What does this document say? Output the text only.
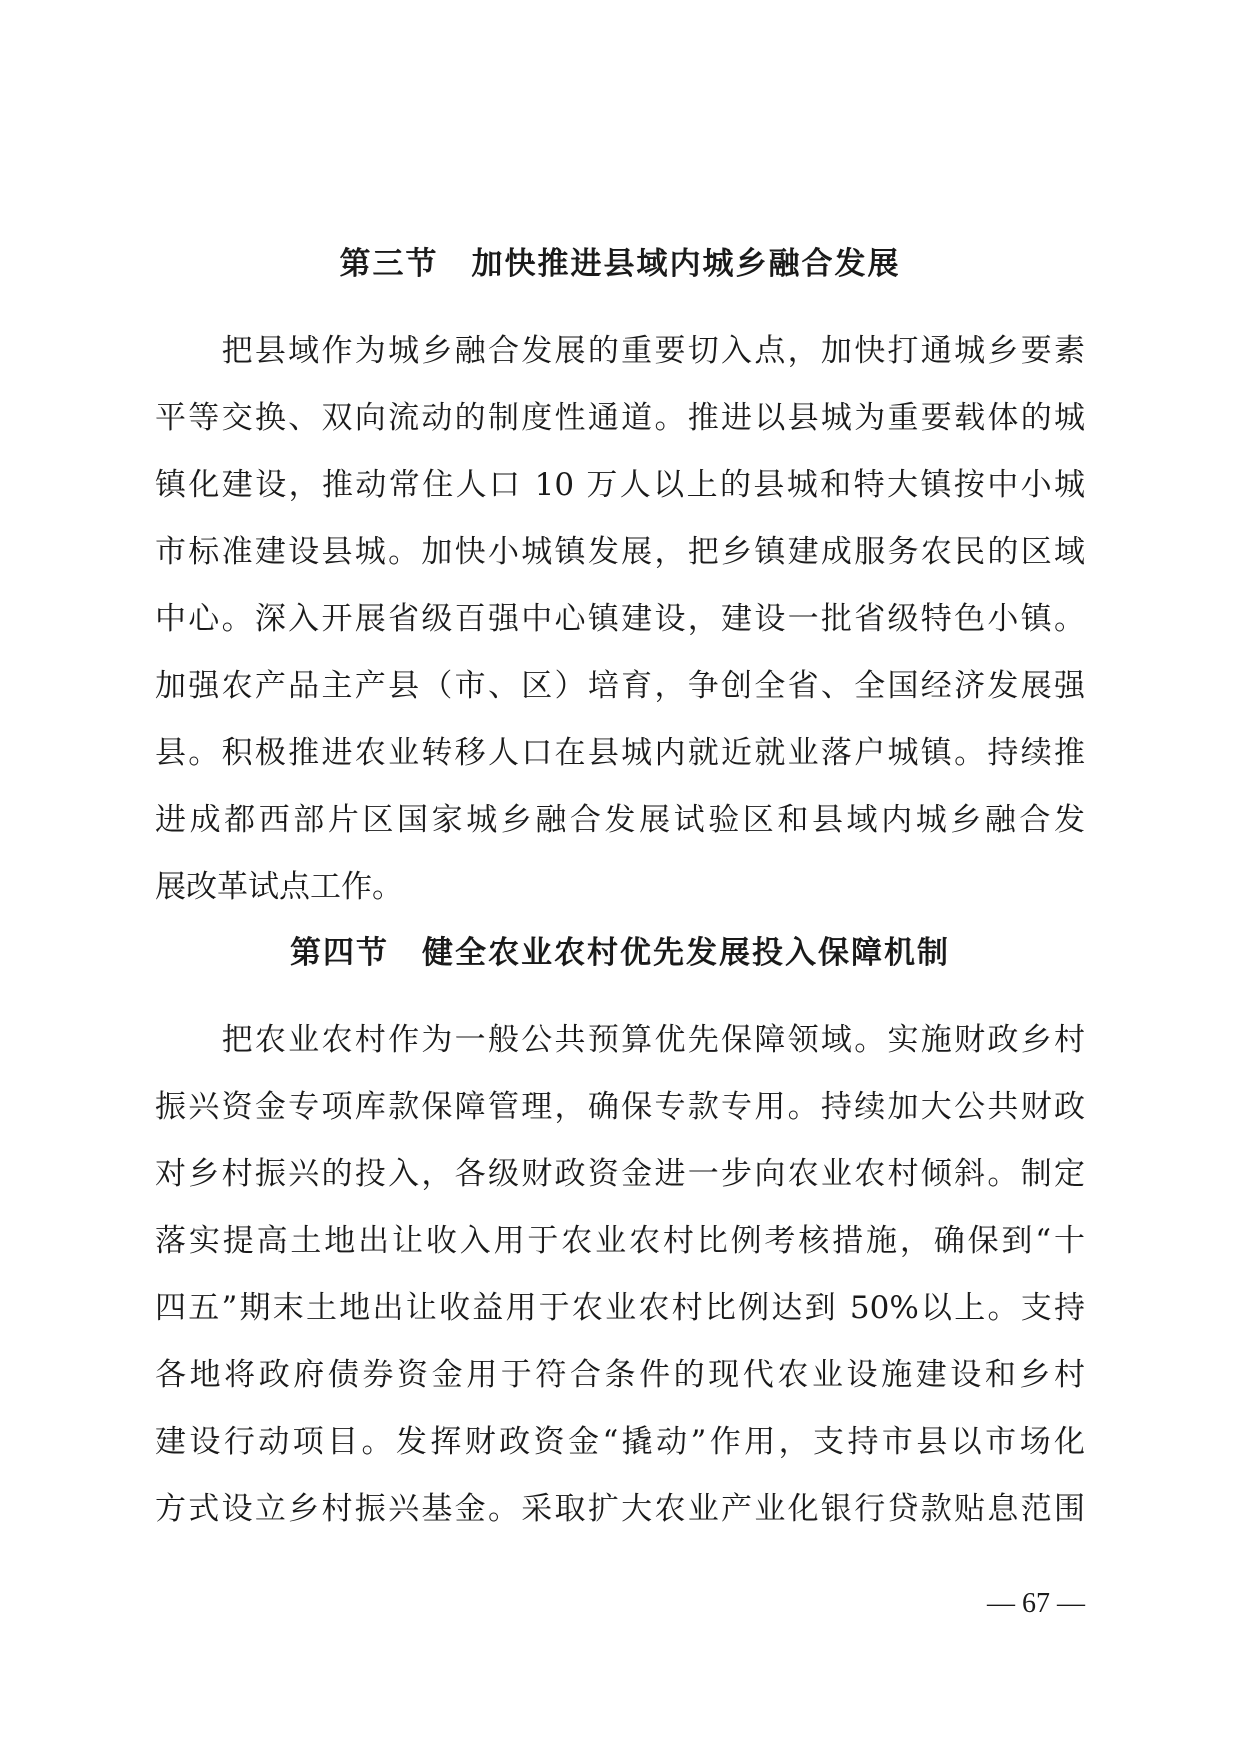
第三节　加快推进县域内城乡融合发展
　　把县域作为城乡融合发展的重要切入点，加快打通城乡要素
平等交换、双向流动的制度性通道。推进以县城为重要载体的城
镇化建设，推动常住人口 10 万人以上的县城和特大镇按中小城
市标准建设县城。加快小城镇发展，把乡镇建成服务农民的区域
中心。深入开展省级百强中心镇建设，建设一批省级特色小镇。
加强农产品主产县（市、区）培育，争创全省、全国经济发展强
县。积极推进农业转移人口在县城内就近就业落户城镇。持续推
进成都西部片区国家城乡融合发展试验区和县域内城乡融合发
展改革试点工作。
第四节　健全农业农村优先发展投入保障机制
　　把农业农村作为一般公共预算优先保障领域。实施财政乡村
振兴资金专项库款保障管理，确保专款专用。持续加大公共财政
对乡村振兴的投入，各级财政资金进一步向农业农村倾斜。制定
落实提高土地出让收入用于农业农村比例考核措施，确保到“十
四五”期末土地出让收益用于农业农村比例达到 50%以上。支持
各地将政府债券资金用于符合条件的现代农业设施建设和乡村
建设行动项目。发挥财政资金“撬动”作用，支持市县以市场化
方式设立乡村振兴基金。采取扩大农业产业化银行贷款贴息范围
— 67 —
